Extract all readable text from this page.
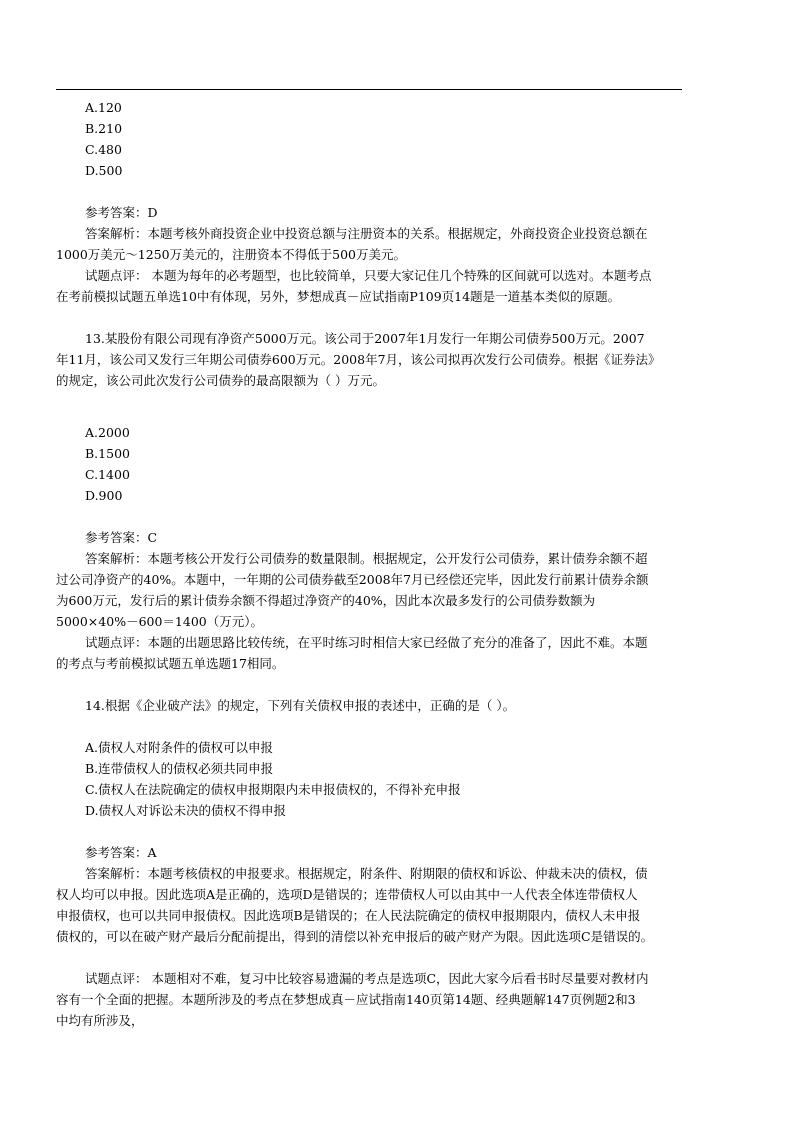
A.120
B.210
C.480
D.500
参考答案：D
答案解析：本题考核外商投资企业中投资总额与注册资本的关系。根据规定，外商投资企业投资总额在
1000万美元～1250万美元的，注册资本不得低于500万美元。
试题点评： 本题为每年的必考题型，也比较简单，只要大家记住几个特殊的区间就可以选对。本题考点
在考前模拟试题五单选10中有体现，另外，梦想成真－应试指南P109页14题是一道基本类似的原题。
13.某股份有限公司现有净资产5000万元。该公司于2007年1月发行一年期公司债券500万元。2007
年11月，该公司又发行三年期公司债券600万元。2008年7月，该公司拟再次发行公司债券。根据《证券法》
的规定，该公司此次发行公司债券的最高限额为（ ）万元。
A.2000
B.1500
C.1400
D.900
参考答案：C
答案解析：本题考核公开发行公司债券的数量限制。根据规定，公开发行公司债券，累计债券余额不超
过公司净资产的40%。本题中，一年期的公司债券截至2008年7月已经偿还完毕，因此发行前累计债券余额
为600万元，发行后的累计债券余额不得超过净资产的40%，因此本次最多发行的公司债券数额为
5000×40%－600＝1400（万元）。
试题点评：本题的出题思路比较传统，在平时练习时相信大家已经做了充分的准备了，因此不难。本题
的考点与考前模拟试题五单选题17相同。
14.根据《企业破产法》的规定，下列有关债权申报的表述中，正确的是（ ）。
A.债权人对附条件的债权可以申报
B.连带债权人的债权必须共同申报
C.债权人在法院确定的债权申报期限内未申报债权的，不得补充申报
D.债权人对诉讼未决的债权不得申报
参考答案：A
答案解析：本题考核债权的申报要求。根据规定，附条件、附期限的债权和诉讼、仲裁未决的债权，债
权人均可以申报。因此选项A是正确的，选项D是错误的；连带债权人可以由其中一人代表全体连带债权人
申报债权，也可以共同申报债权。因此选项B是错误的；在人民法院确定的债权申报期限内，债权人未申报
债权的，可以在破产财产最后分配前提出，得到的清偿以补充申报后的破产财产为限。因此选项C是错误的。
试题点评： 本题相对不难，复习中比较容易遗漏的考点是选项C，因此大家今后看书时尽量要对教材内
容有一个全面的把握。本题所涉及的考点在梦想成真－应试指南140页第14题、经典题解147页例题2和3
中均有所涉及，
